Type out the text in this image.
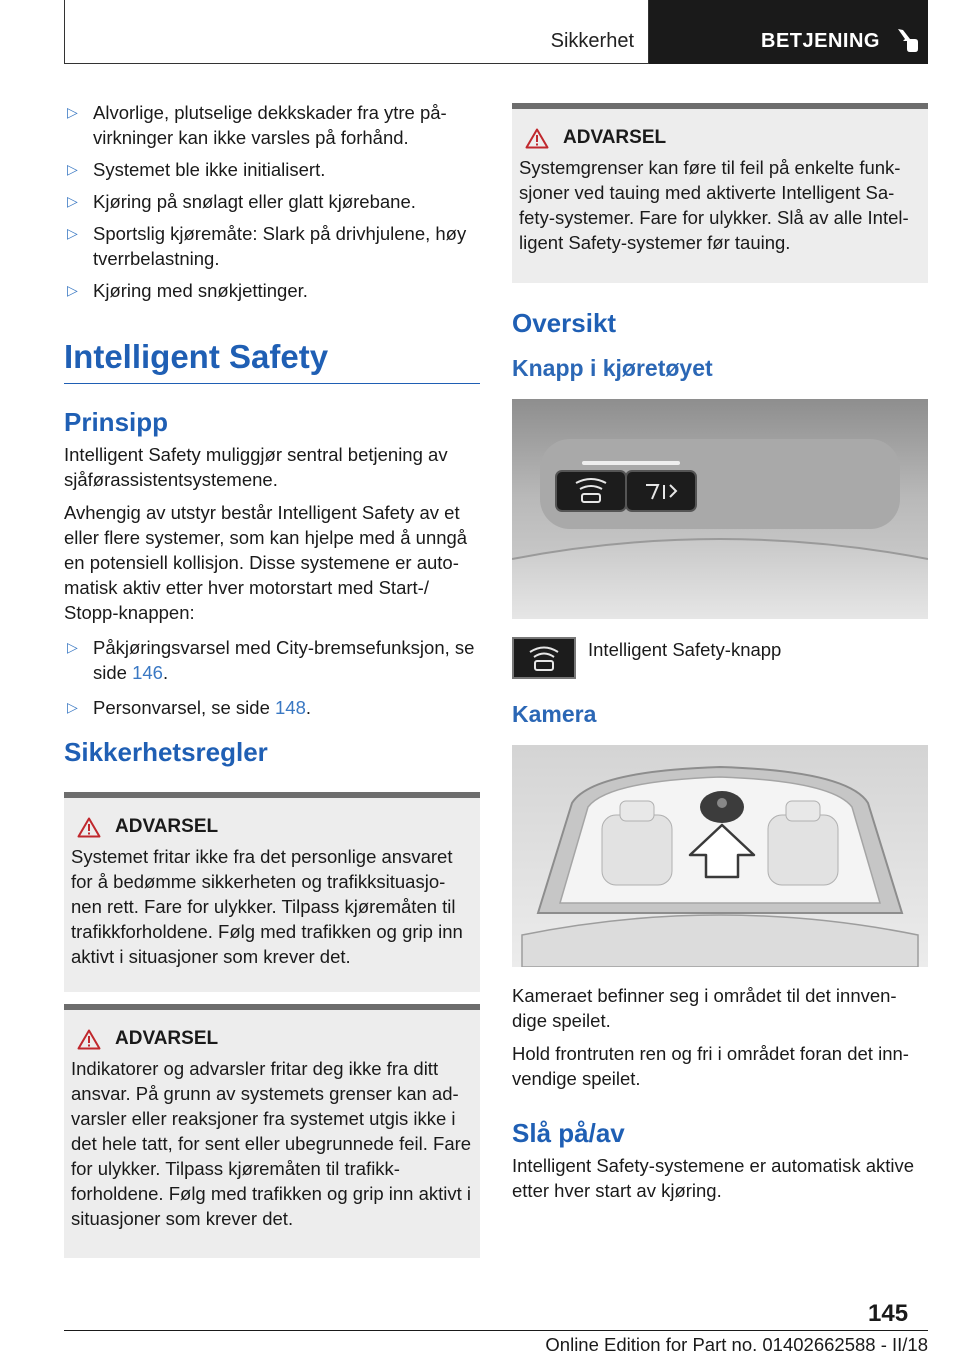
Sikkerhet	BETJENING
▷ Alvorlige, plutselige dekkskader fra ytre på-virkninger kan ikke varsles på forhånd.
▷ Systemet ble ikke initialisert.
▷ Kjøring på snølagt eller glatt kjørebane.
▷ Sportslig kjøremåte: Slark på drivhjulene, høy tverrbelastning.
▷ Kjøring med snøkjettinger.
Intelligent Safety
Prinsipp

Intelligent Safety muliggjør sentral betjening av sjåførassistentsystemene.

Avhengig av utstyr består Intelligent Safety av et eller flere systemer, som kan hjelpe med å unngå en potensiell kollisjon. Disse systemene er auto-matisk aktiv etter hver motorstart med Start-/ Stopp-knappen:

▷ Påkjøringsvarsel med City-bremsefunksjon, se side 146.
▷ Personvarsel, se side 148.
Sikkerhetsregler
ADVARSEL
Systemet fritar ikke fra det personlige ansvaret for å bedømme sikkerheten og trafikksituasjo-nen rett. Fare for ulykker. Tilpass kjøremåten til trafikkforholdene. Følg med trafikken og grip inn aktivt i situasjoner som krever det.
ADVARSEL
Indikatorer og advarsler fritar deg ikke fra ditt ansvar. På grunn av systemets grenser kan ad-varsler eller reaksjoner fra systemet utgis ikke i det hele tatt, for sent eller ubegrunnede feil. Fare for ulykker. Tilpass kjøremåten til trafikk-forholdene. Følg med trafikken og grip inn aktivt i situasjoner som krever det.
ADVARSEL
Systemgrenser kan føre til feil på enkelte funk-sjoner ved tauing med aktiverte Intelligent Sa-fety-systemer. Fare for ulykker. Slå av alle Intel-ligent Safety-systemer før tauing.
Oversikt
Knapp i kjøretøyet
Intelligent Safety-knapp
Kamera

Kameraet befinner seg i området til det innven-dige speilet.

Hold frontruten ren og fri i området foran det inn-vendige speilet.

Slå på/av

Intelligent Safety-systemene er automatisk aktive etter hver start av kjøring.

145
Online Edition for Part no. 01402662588 - II/18
